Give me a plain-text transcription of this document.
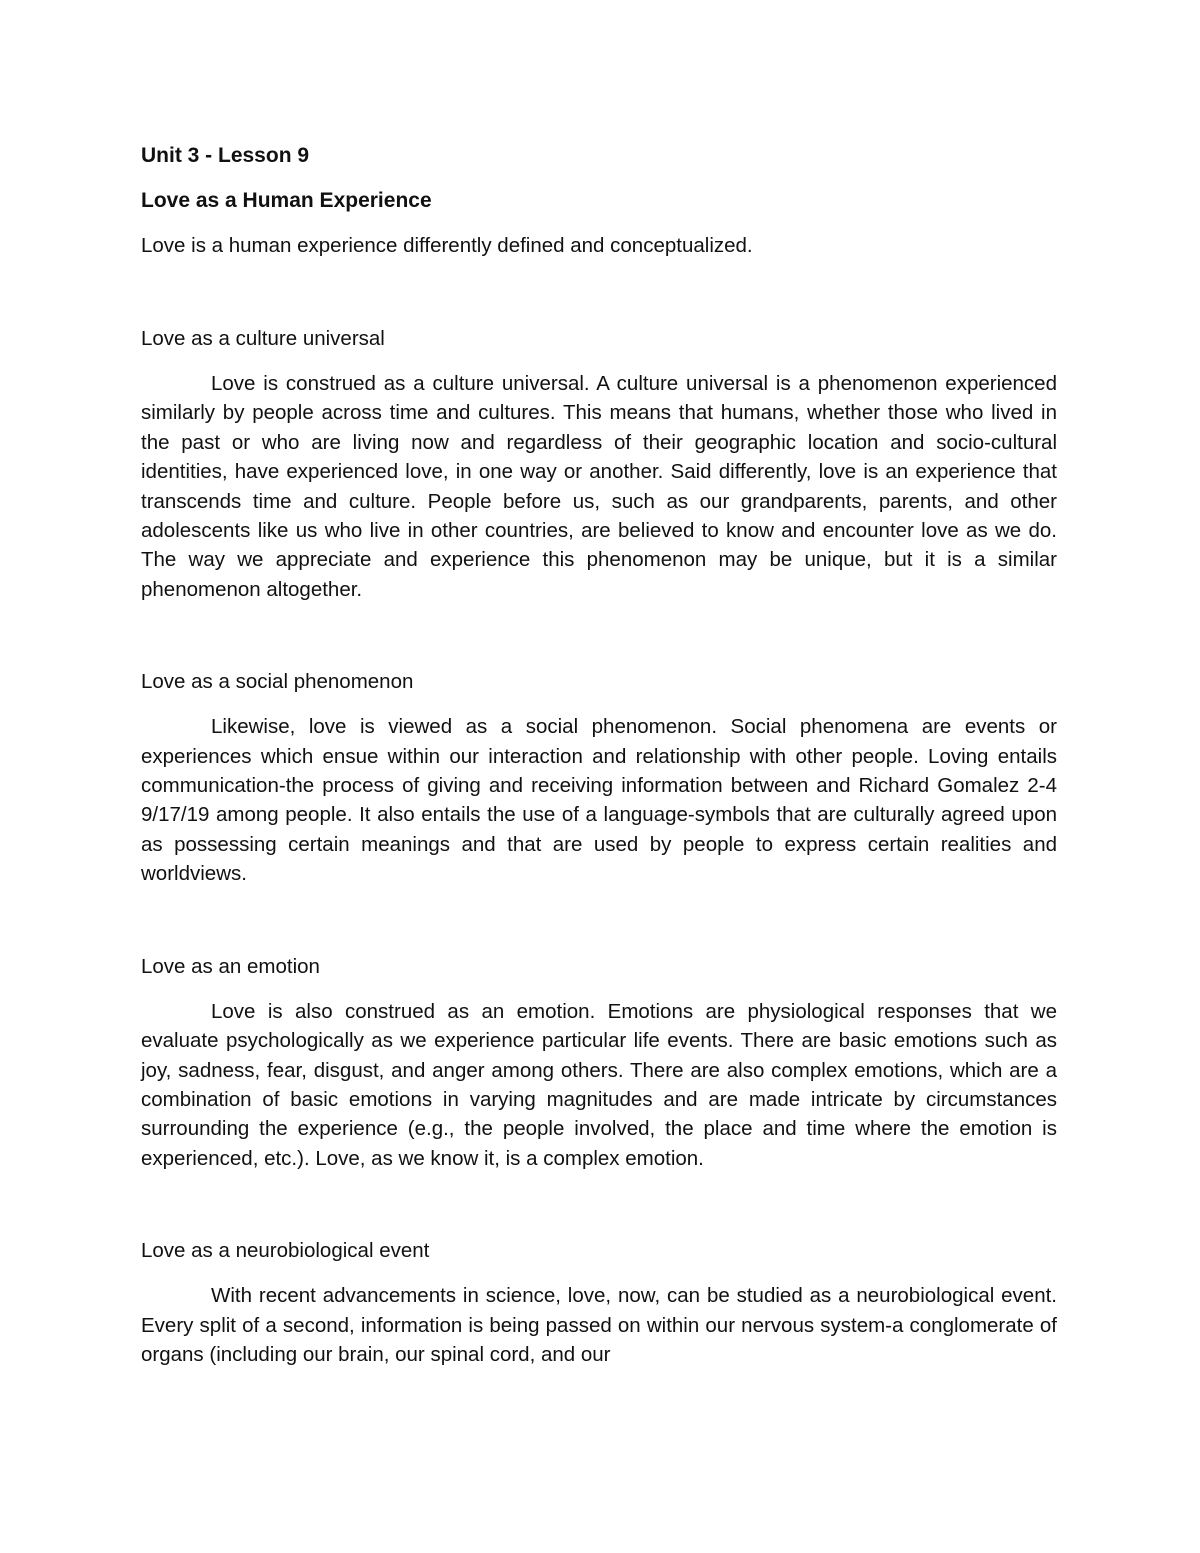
Unit 3 - Lesson 9

Love as a Human Experience

Love is a human experience differently defined and conceptualized.

Love as a culture universal

Love is construed as a culture universal. A culture universal is a phenomenon experienced similarly by people across time and cultures. This means that humans, whether those who lived in the past or who are living now and regardless of their geographic location and socio-cultural identities, have experienced love, in one way or another. Said differently, love is an experience that transcends time and culture. People before us, such as our grandparents, parents, and other adolescents like us who live in other countries, are believed to know and encounter love as we do. The way we appreciate and experience this phenomenon may be unique, but it is a similar phenomenon altogether.

Love as a social phenomenon

Likewise, love is viewed as a social phenomenon. Social phenomena are events or experiences which ensue within our interaction and relationship with other people. Loving entails communication-the process of giving and receiving information between and Richard Gomalez 2-4 9/17/19 among people. It also entails the use of a language-symbols that are culturally agreed upon as possessing certain meanings and that are used by people to express certain realities and worldviews.

Love as an emotion

Love is also construed as an emotion. Emotions are physiological responses that we evaluate psychologically as we experience particular life events. There are basic emotions such as joy, sadness, fear, disgust, and anger among others. There are also complex emotions, which are a combination of basic emotions in varying magnitudes and are made intricate by circumstances surrounding the experience (e.g., the people involved, the place and time where the emotion is experienced, etc.). Love, as we know it, is a complex emotion.

Love as a neurobiological event

With recent advancements in science, love, now, can be studied as a neurobiological event. Every split of a second, information is being passed on within our nervous system-a conglomerate of organs (including our brain, our spinal cord, and our
